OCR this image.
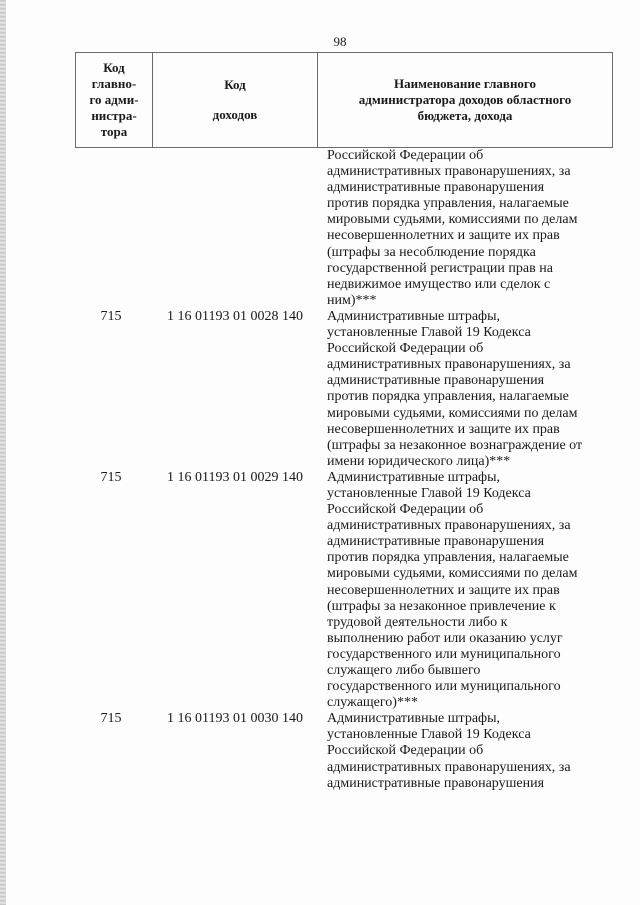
98
Код
главно-
го адми-
нистра-
тора

Код
доходов

Наименование главного
администратора доходов областного
бюджета, дохода
Российской Федерации об
административных правонарушениях, за
административные правонарушения
против порядка управления, налагаемые
мировыми судьями, комиссиями по делам
несовершеннолетних и защите их прав
(штрафы за несоблюдение порядка
государственной регистрации прав на
недвижимое имущество или сделок с
ним)***
715	1 16 01193 01 0028 140	Административные штрафы,
установленные Главой 19 Кодекса
Российской Федерации об
административных правонарушениях, за
административные правонарушения
против порядка управления, налагаемые
мировыми судьями, комиссиями по делам
несовершеннолетних и защите их прав
(штрафы за незаконное вознаграждение от
имени юридического лица)***
715	1 16 01193 01 0029 140	Административные штрафы,
установленные Главой 19 Кодекса
Российской Федерации об
административных правонарушениях, за
административные правонарушения
против порядка управления, налагаемые
мировыми судьями, комиссиями по делам
несовершеннолетних и защите их прав
(штрафы за незаконное привлечение к
трудовой деятельности либо к
выполнению работ или оказанию услуг
государственного или муниципального
служащего либо бывшего
государственного или муниципального
служащего)***
715	1 16 01193 01 0030 140	Административные штрафы,
установленные Главой 19 Кодекса
Российской Федерации об
административных правонарушениях, за
административные правонарушения
